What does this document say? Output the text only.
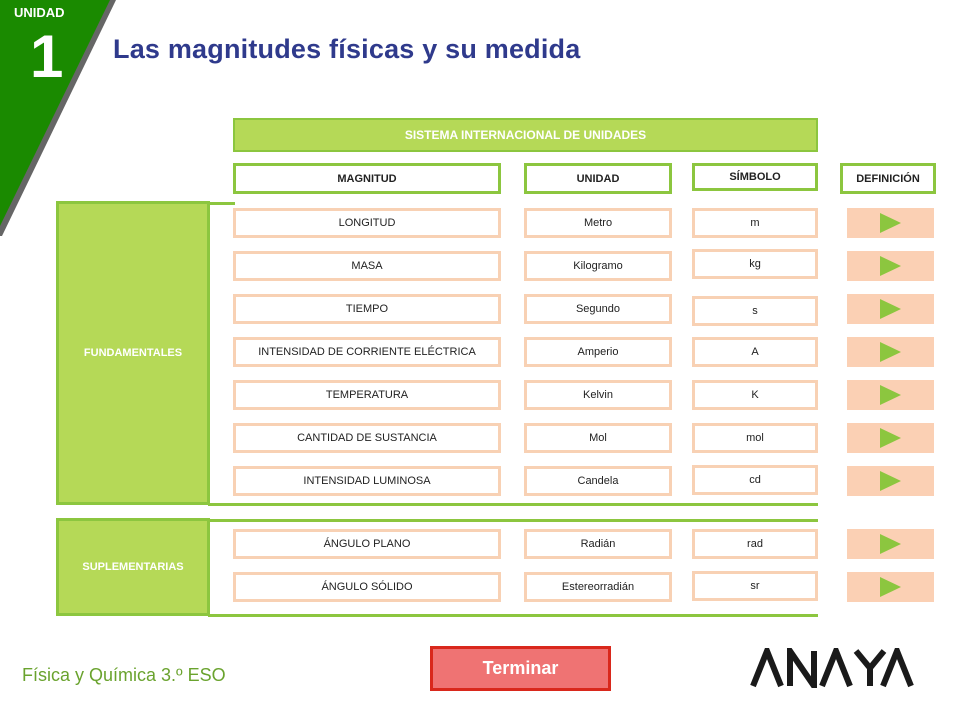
UNIDAD
1 Las magnitudes físicas y su medida
SISTEMA INTERNACIONAL DE UNIDADES
MAGNITUD	UNIDAD	SÍMBOLO	DEFINICIÓN
FUNDAMENTALES
SUPLEMENTARIAS
LONGITUD	Metro	m
MASA	Kilogramo	kg
TIEMPO	Segundo	s
INTENSIDAD DE CORRIENTE ELÉCTRICA	Amperio	A
TEMPERATURA	Kelvin	K
CANTIDAD DE SUSTANCIA	Mol	mol
INTENSIDAD LUMINOSA	Candela	cd
ÁNGULO PLANO	Radián	rad
ÁNGULO SÓLIDO	Estereorradián	sr
Física y Química 3.º ESO	Terminar
ANAYA
